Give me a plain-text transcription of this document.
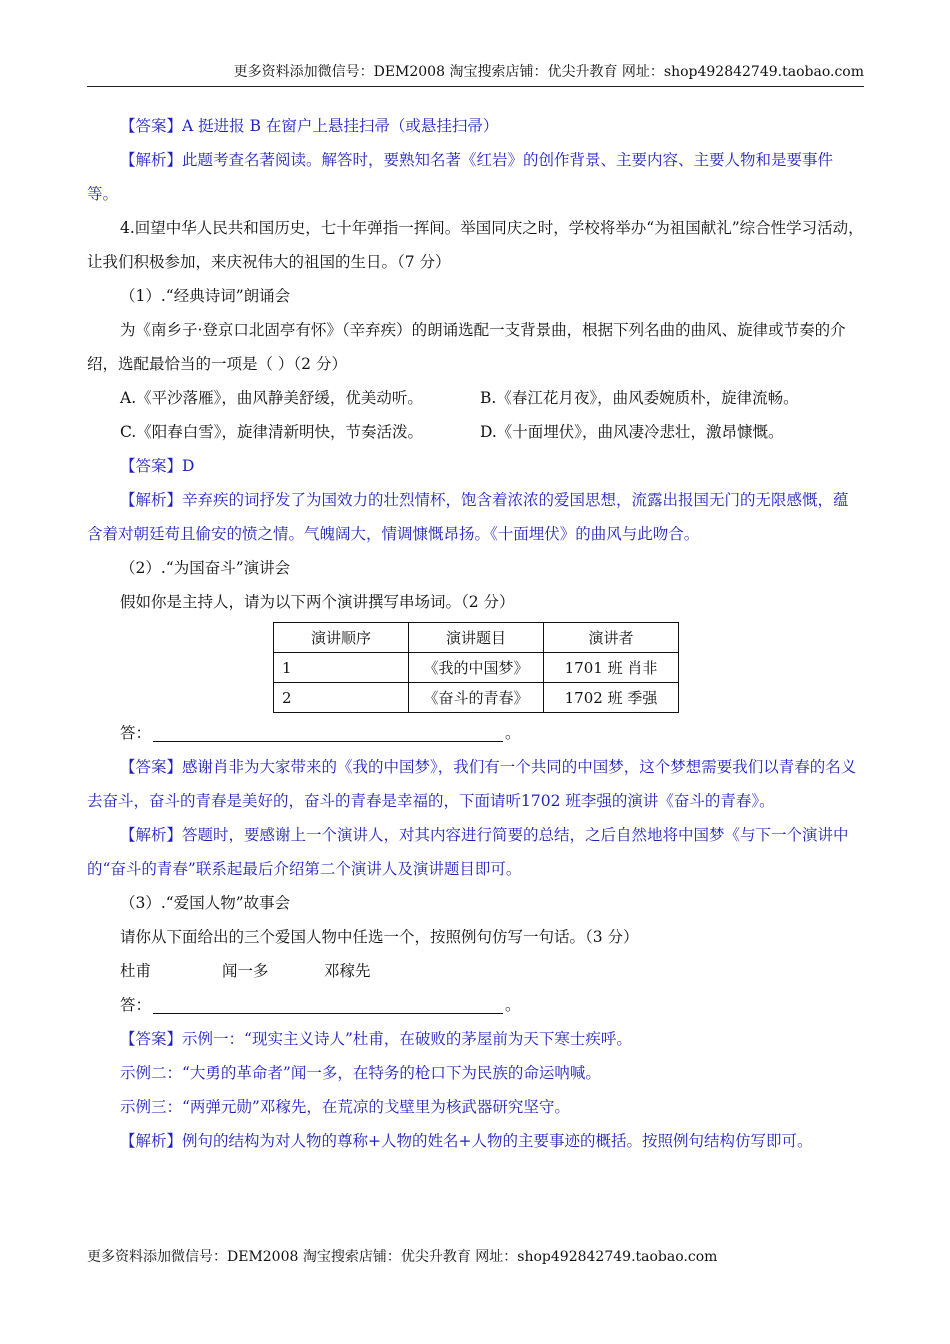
更多资料添加微信号：DEM2008 淘宝搜索店铺：优尖升教育 网址：shop492842749.taobao.com

【答案】A 挺进报 B 在窗户上悬挂扫帚（或悬挂扫帚）

【解析】此题考查名著阅读。解答时，要熟知名著《红岩》的创作背景、主要内容、主要人物和是要事件等。

4.回望中华人民共和国历史，七十年弹指一挥间。举国同庆之时，学校将举办“为祖国献礼”综合性学习活动，让我们积极参加，来庆祝伟大的祖国的生日。（7 分）

（1）.“经典诗词”朗诵会

为《南乡子·登京口北固亭有怀》（辛弃疾）的朗诵选配一支背景曲，根据下列名曲的曲风、旋律或节奏的介绍，选配最恰当的一项是（ ）（2 分）

A.《平沙落雁》，曲风静美舒缓，优美动听。	B.《春江花月夜》，曲风委婉质朴，旋律流畅。
C.《阳春白雪》，旋律清新明快，节奏活泼。	D.《十面埋伏》，曲风凄冷悲壮，激昂慷慨。

【答案】D

【解析】辛弃疾的词抒发了为国效力的壮烈情杯，饱含着浓浓的爱国思想，流露出报国无门的无限感慨，蕴含着对朝廷苟且偷安的愤之情。气魄阔大，情调慷慨昂扬。《十面埋伏》的曲风与此吻合。

（2）.“为国奋斗”演讲会

假如你是主持人，请为以下两个演讲撰写串场词。（2 分）

演讲顺序	演讲题目	演讲者
1	《我的中国梦》	1701 班 肖非
2	《奋斗的青春》	1702 班 季强

答：	。

【答案】感谢肖非为大家带来的《我的中国梦》，我们有一个共同的中国梦，这个梦想需要我们以青春的名义去奋斗，奋斗的青春是美好的，奋斗的青春是幸福的，下面请听1702 班李强的演讲《奋斗的青春》。

【解析】答题时，要感谢上一个演讲人，对其内容进行简要的总结，之后自然地将中国梦《与下一个演讲中的“奋斗的青春”联系起最后介绍第二个演讲人及演讲题目即可。

（3）.“爱国人物”故事会

请你从下面给出的三个爱国人物中任选一个，按照例句仿写一句话。（3 分）

杜甫	闻一多	邓稼先

答：	。

【答案】示例一：“现实主义诗人”杜甫，在破败的茅屋前为天下寒士疾呼。

示例二：“大勇的革命者”闻一多，在特务的枪口下为民族的命运呐喊。

示例三：“两弹元勋”邓稼先，在荒凉的戈壁里为核武器研究坚守。

【解析】例句的结构为对人物的尊称+人物的姓名+人物的主要事迹的概括。按照例句结构仿写即可。

更多资料添加微信号：DEM2008 淘宝搜索店铺：优尖升教育 网址：shop492842749.taobao.com
